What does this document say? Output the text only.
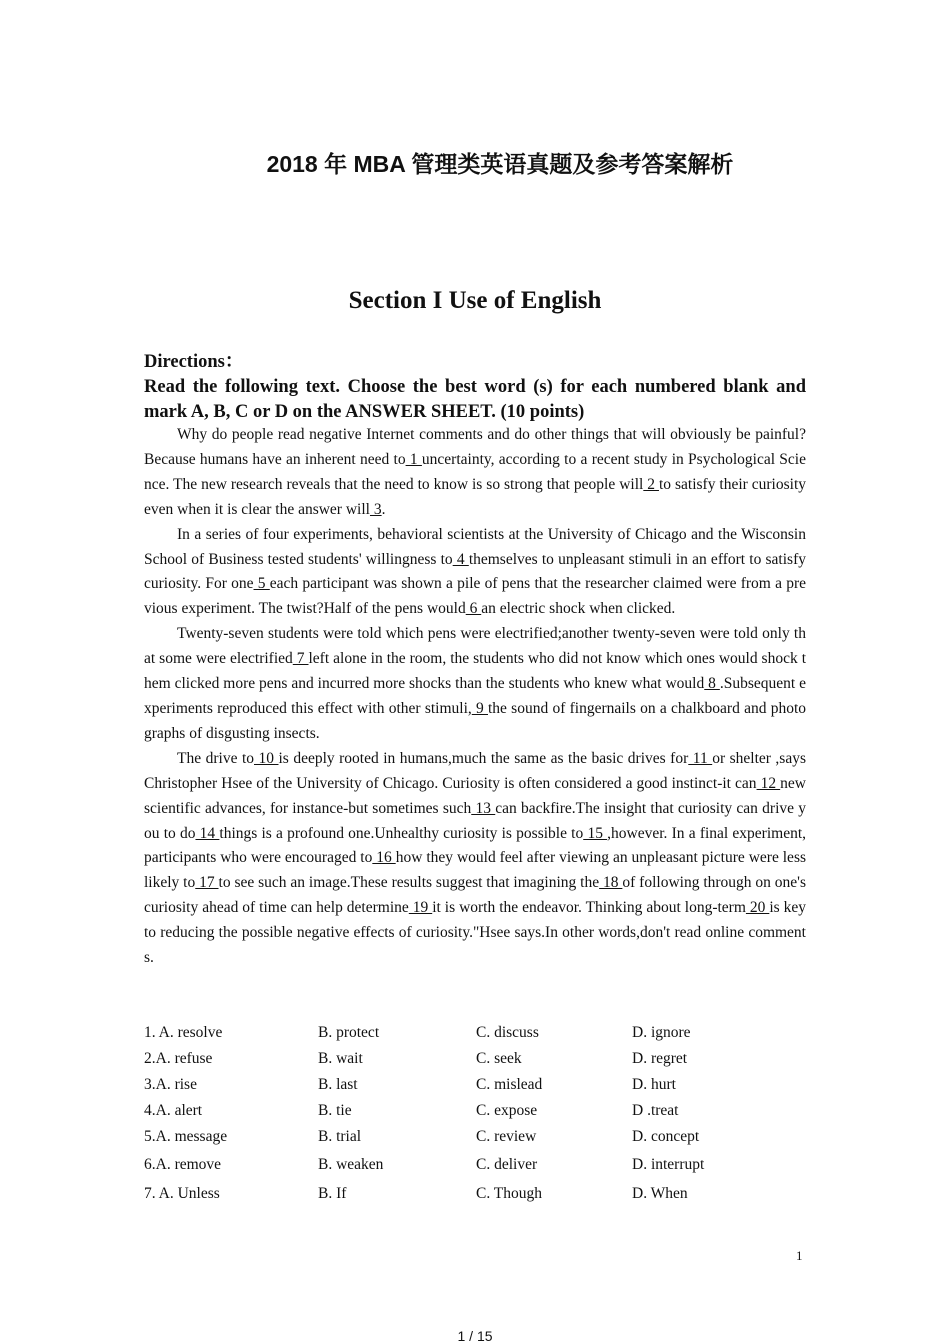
2018 年 MBA 管理类英语真题及参考答案解析
Section I Use of English

Directions：

Read the following text. Choose the best word (s) for each numbered blank and mark A, B, C or D on the ANSWER SHEET. (10 points)

Why do people read negative Internet comments and do other things that will obviously be painful? Because humans have an inherent need to 1 uncertainty, according to a recent study in Psychological Science. The new research reveals that the need to know is so strong that people will 2 to satisfy their curiosity even when it is clear the answer will 3.

In a series of four experiments, behavioral scientists at the University of Chicago and the Wisconsin School of Business tested students' willingness to 4 themselves to unpleasant stimuli in an effort to satisfy curiosity. For one 5 each participant was shown a pile of pens that the researcher claimed were from a previous experiment. The twist?Half of the pens would 6 an electric shock when clicked.

Twenty-seven students were told which pens were electrified;another twenty-seven were told only that some were electrified 7 left alone in the room, the students who did not know which ones would shock them clicked more pens and incurred more shocks than the students who knew what would 8 .Subsequent experiments reproduced this effect with other stimuli, 9 the sound of fingernails on a chalkboard and photographs of disgusting insects.

The drive to 10 is deeply rooted in humans,much the same as the basic drives for 11 or shelter ,says Christopher Hsee of the University of Chicago. Curiosity is often considered a good instinct-it can 12 new scientific advances, for instance-but sometimes such 13 can backfire.The insight that curiosity can drive you to do 14 things is a profound one.Unhealthy curiosity is possible to 15 ,however. In a final experiment,participants who were encouraged to 16 how they would feel after viewing an unpleasant picture were less likely to 17 to see such an image.These results suggest that imagining the 18 of following through on one's curiosity ahead of time can help determine 19 it is worth the endeavor. Thinking about long-term 20 is key to reducing the possible negative effects of curiosity."Hsee says.In other words,don't read online comments.

1. A. resolve	B. protect	C. discuss	D. ignore
2.A. refuse	B. wait	C. seek	D. regret
3.A. rise	B. last	C. mislead	D. hurt
4.A. alert	B. tie	C. expose	D .treat
5.A. message	B. trial	C. review	D. concept
6.A. remove	B. weaken	C. deliver	D. interrupt
7. A. Unless	B. If	C. Though	D. When
1
1 / 15
